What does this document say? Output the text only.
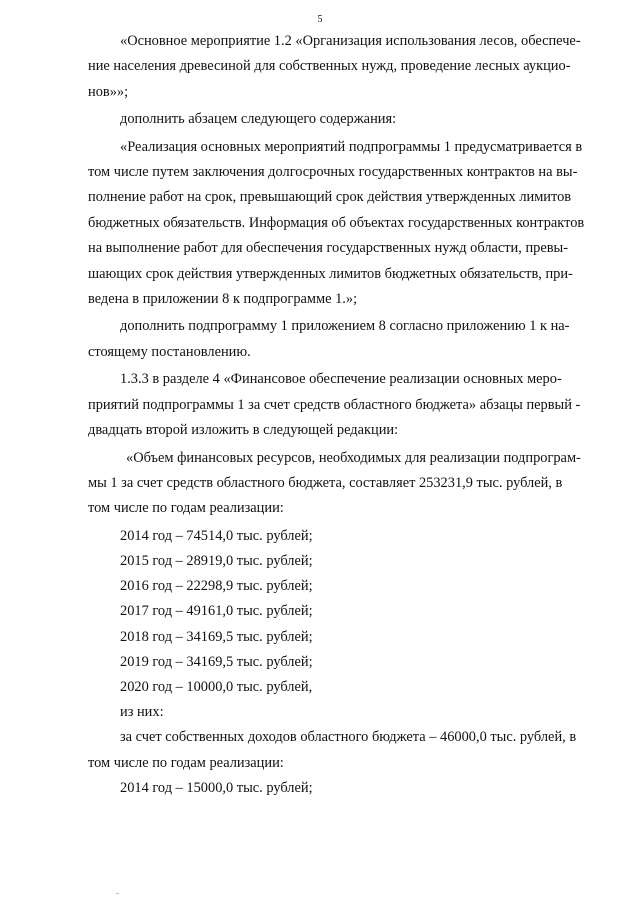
5

«Основное мероприятие 1.2 «Организация использования лесов, обеспече-
ние населения древесиной для собственных нужд, проведение лесных аукцио-
нов»»;

дополнить абзацем следующего содержания:

«Реализация основных мероприятий подпрограммы 1 предусматривается в
том числе путем заключения долгосрочных государственных контрактов на вы-
полнение работ на срок, превышающий срок действия утвержденных лимитов
бюджетных обязательств. Информация об объектах государственных контрактов
на выполнение работ для обеспечения государственных нужд области, превы-
шающих срок действия утвержденных лимитов бюджетных обязательств, при-
ведена в приложении 8 к подпрограмме 1.»;

дополнить подпрограмму 1 приложением 8 согласно приложению 1 к на-
стоящему постановлению.

1.3.3 в разделе 4 «Финансовое обеспечение реализации основных меро-
приятий подпрограммы 1 за счет средств областного бюджета» абзацы первый -
двадцать второй изложить в следующей редакции:

«Объем финансовых ресурсов, необходимых для реализации подпрограм-
мы 1 за счет средств областного бюджета, составляет 253231,9 тыс. рублей, в
том числе по годам реализации:

2014 год – 74514,0 тыс. рублей;
2015 год – 28919,0 тыс. рублей;
2016 год – 22298,9 тыс. рублей;
2017 год – 49161,0 тыс. рублей;
2018 год – 34169,5 тыс. рублей;
2019 год – 34169,5 тыс. рублей;
2020 год – 10000,0 тыс. рублей,
из них:

за счет собственных доходов областного бюджета – 46000,0 тыс. рублей, в
том числе по годам реализации:

2014 год – 15000,0 тыс. рублей;
